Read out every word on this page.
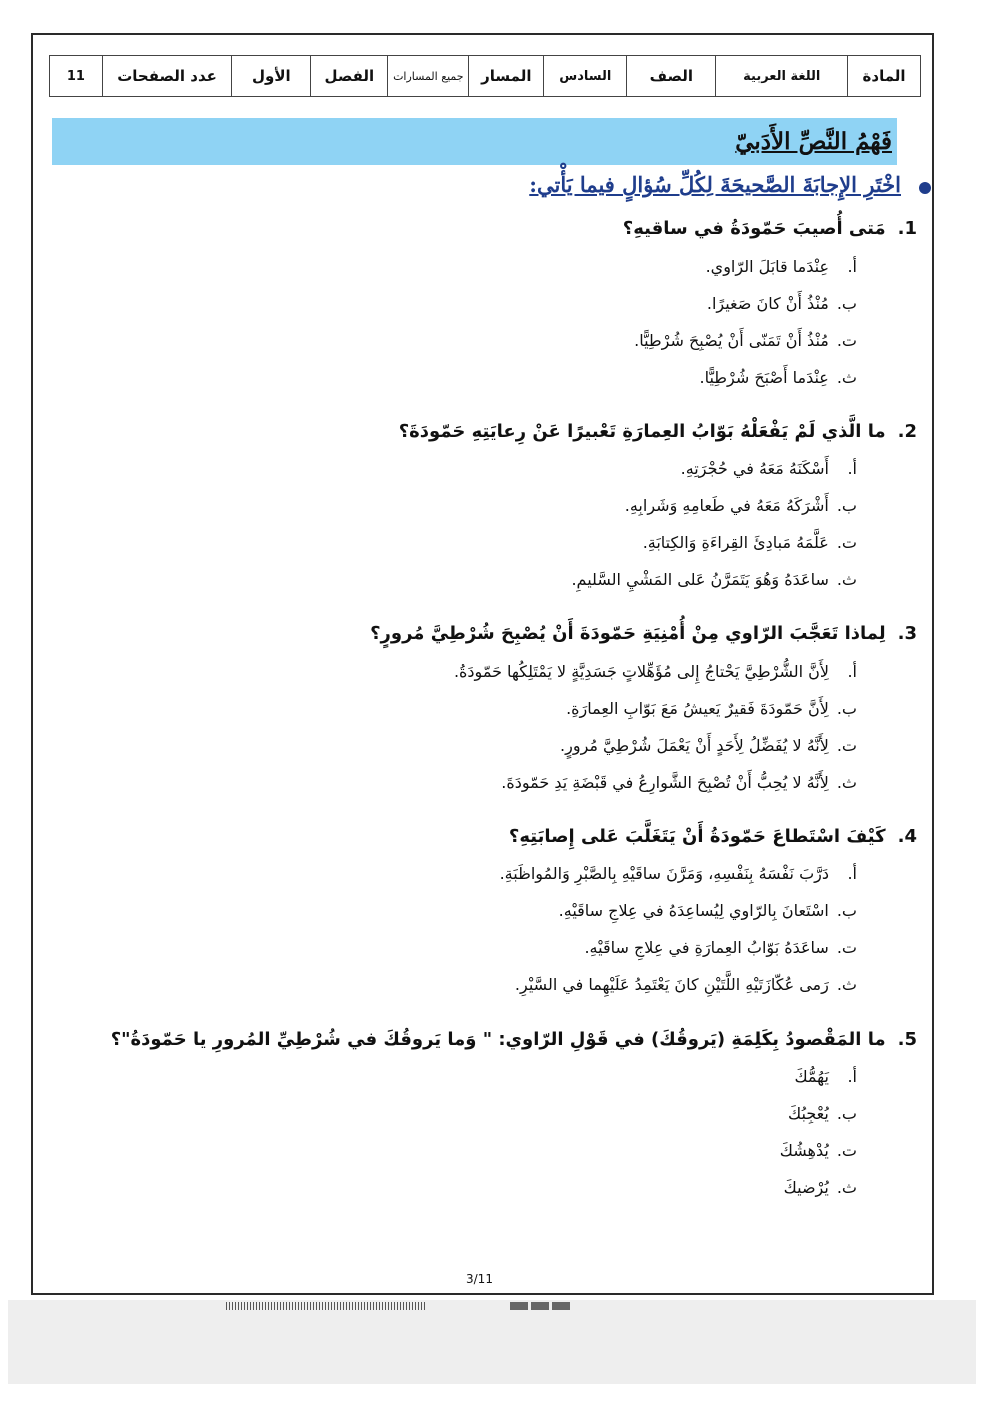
المادة	اللغة العربية	الصف	السادس	المسار	جميع المسارات	الفصل	الأول	عدد الصفحات	11
فَهْمُ النَّصِّ الأَدَبيّ
اخْتَرِ الإِجابَةَ الصَّحيحَةَ لِكُلِّ سُؤالٍ فيما يَأْتي:
1.مَتى أُصيبَ حَمّودَةُ في ساقيهِ؟
أ.عِنْدَما قابَلَ الرّاوي.
ب.مُنْذُ أَنْ كانَ صَغيرًا.
ت.مُنْذُ أَنْ تَمَنّى أَنْ يُصْبِحَ شُرْطِيًّا.
ث.عِنْدَما أَصْبَحَ شُرْطِيًّا.
2.ما الَّذي لَمْ يَفْعَلْهُ بَوّابُ العِمارَةِ تَعْبيرًا عَنْ رِعايَتِهِ حَمّودَةَ؟
أ.أَسْكَنَهُ مَعَهُ في حُجْرَتِهِ.
ب.أَشْرَكَهُ مَعَهُ في طَعامِهِ وَشَرابِهِ.
ت.عَلَّمَهُ مَبادِئَ القِراءَةِ وَالكِتابَةِ.
ث.ساعَدَهُ وَهُوَ يَتَمَرَّنُ عَلى المَشْيِ السَّليمِ.
3.لِماذا تَعَجَّبَ الرّاوي مِنْ أُمْنِيَةِ حَمّودَةَ أَنْ يُصْبِحَ شُرْطِيَّ مُرورٍ؟
أ.لِأَنَّ الشُّرْطِيَّ يَحْتاجُ إِلى مُؤَهِّلاتٍ جَسَدِيَّةٍ لا يَمْتَلِكُها حَمّودَةُ.
ب.لِأَنَّ حَمّودَةَ فَقيرٌ يَعيشُ مَعَ بَوّابِ العِمارَةِ.
ت.لِأَنَّهُ لا يُفَضِّلُ لِأَحَدٍ أَنْ يَعْمَلَ شُرْطِيَّ مُرورٍ.
ث.لِأَنَّهُ لا يُحِبُّ أَنْ تُصْبِحَ الشَّوارِعُ في قَبْضَةِ يَدِ حَمّودَةَ.
4.كَيْفَ اسْتَطاعَ حَمّودَةُ أَنْ يَتَغَلَّبَ عَلى إِصابَتِهِ؟
أ.دَرَّبَ نَفْسَهُ بِنَفْسِهِ، وَمَرَّنَ ساقَيْهِ بِالصَّبْرِ وَالمُواظَبَةِ.
ب.اسْتَعانَ بِالرّاوي لِيُساعِدَهُ في عِلاجِ ساقَيْهِ.
ت.ساعَدَهُ بَوّابُ العِمارَةِ في عِلاجِ ساقَيْهِ.
ث.رَمى عُكّازَتَيْهِ اللَّتَيْنِ كانَ يَعْتَمِدُ عَلَيْهِما في السَّيْرِ.
5.ما المَقْصودُ بِكَلِمَةِ (يَروقُكَ) في قَوْلِ الرّاوي: " وَما يَروقُكَ في شُرْطِيِّ المُرورِ يا حَمّودَةُ"؟
أ.يَهُمُّكَ
ب.يُعْجِبُكَ
ت.يُدْهِشُكَ
ث.يُرْضيكَ
3/11
